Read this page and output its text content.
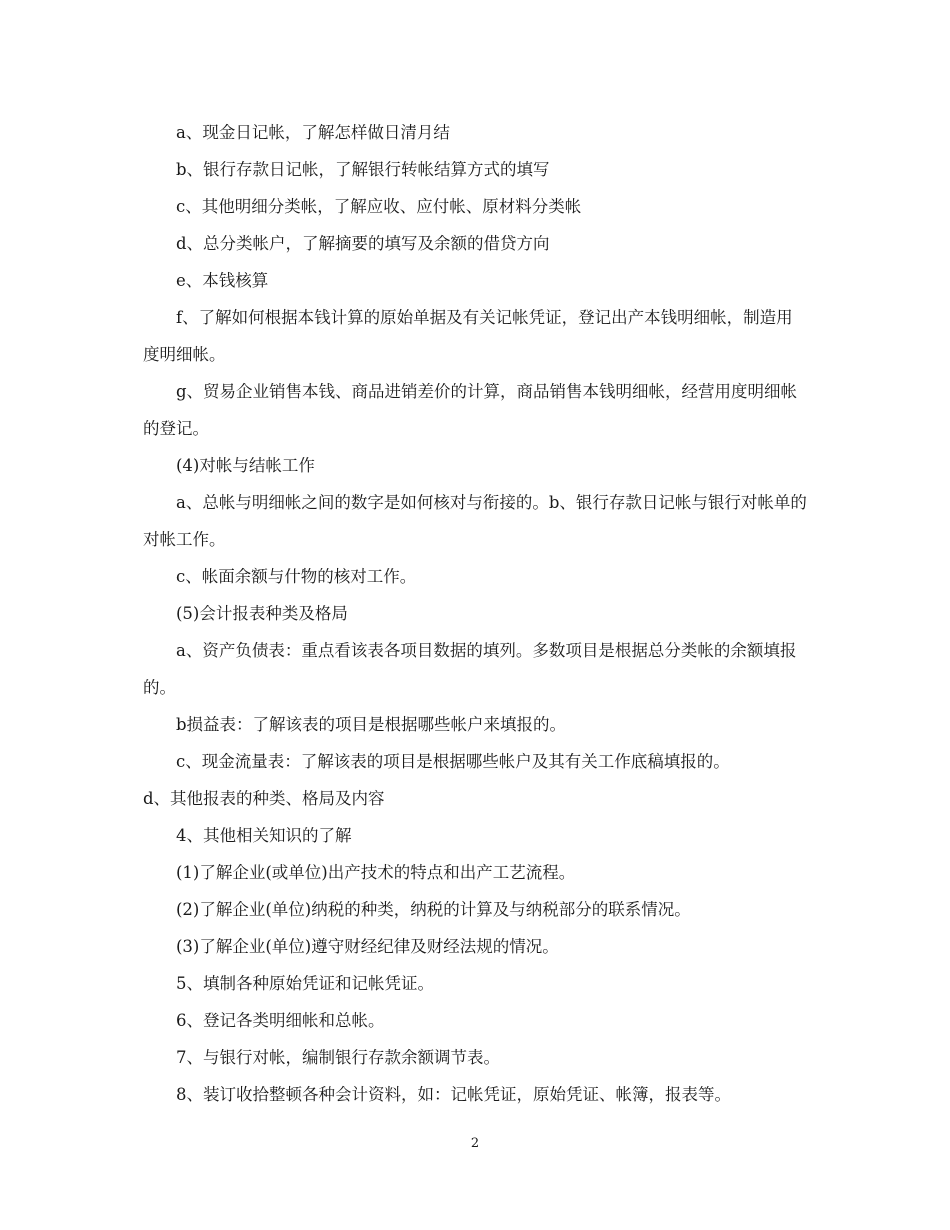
a、现金日记帐，了解怎样做日清月结

b、银行存款日记帐，了解银行转帐结算方式的填写

c、其他明细分类帐，了解应收、应付帐、原材料分类帐

d、总分类帐户，了解摘要的填写及余额的借贷方向

e、本钱核算

f、了解如何根据本钱计算的原始单据及有关记帐凭证，登记出产本钱明细帐，制造用度明细帐。

g、贸易企业销售本钱、商品进销差价的计算，商品销售本钱明细帐，经营用度明细帐的登记。

(4)对帐与结帐工作

a、总帐与明细帐之间的数字是如何核对与衔接的。b、银行存款日记帐与银行对帐单的对帐工作。

c、帐面余额与什物的核对工作。

(5)会计报表种类及格局

a、资产负债表：重点看该表各项目数据的填列。多数项目是根据总分类帐的余额填报的。

b损益表：了解该表的项目是根据哪些帐户来填报的。

c、现金流量表：了解该表的项目是根据哪些帐户及其有关工作底稿填报的。

d、其他报表的种类、格局及内容

4、其他相关知识的了解

(1)了解企业(或单位)出产技术的特点和出产工艺流程。

(2)了解企业(单位)纳税的种类，纳税的计算及与纳税部分的联系情况。

(3)了解企业(单位)遵守财经纪律及财经法规的情况。

5、填制各种原始凭证和记帐凭证。

6、登记各类明细帐和总帐。

7、与银行对帐，编制银行存款余额调节表。

8、装订收拾整顿各种会计资料，如：记帐凭证，原始凭证、帐簿，报表等。

2
